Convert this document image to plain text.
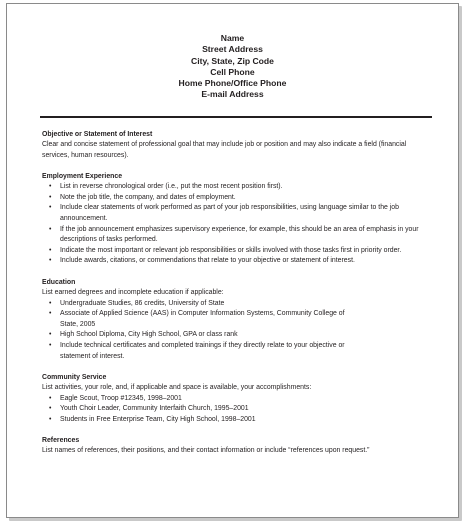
Name
Street Address
City, State, Zip Code
Cell Phone
Home Phone/Office Phone
E-mail Address
Objective or Statement of Interest
Clear and concise statement of professional goal that may include job or position and may also indicate a field (financial
services, human resources).
Employment Experience
• List in reverse chronological order (i.e., put the most recent position first).
• Note the job title, the company, and dates of employment.
• Include clear statements of work performed as part of your job responsibilities, using language similar to the job
announcement.
• If the job announcement emphasizes supervisory experience, for example, this should be an area of emphasis in your
descriptions of tasks performed.
• Indicate the most important or relevant job responsibilities or skills involved with those tasks first in priority order.
• Include awards, citations, or commendations that relate to your objective or statement of interest.
Education
List earned degrees and incomplete education if applicable:
• Undergraduate Studies, 86 credits, University of State
• Associate of Applied Science (AAS) in Computer Information Systems, Community College of
State, 2005
• High School Diploma, City High School, GPA or class rank
• Include technical certificates and completed trainings if they directly relate to your objective or
statement of interest.
Community Service
List activities, your role, and, if applicable and space is available, your accomplishments:
• Eagle Scout, Troop #12345, 1998–2001
• Youth Choir Leader, Community Interfaith Church, 1995–2001
• Students in Free Enterprise Team, City High School, 1998–2001
References
List names of references, their positions, and their contact information or include “references upon request.”
